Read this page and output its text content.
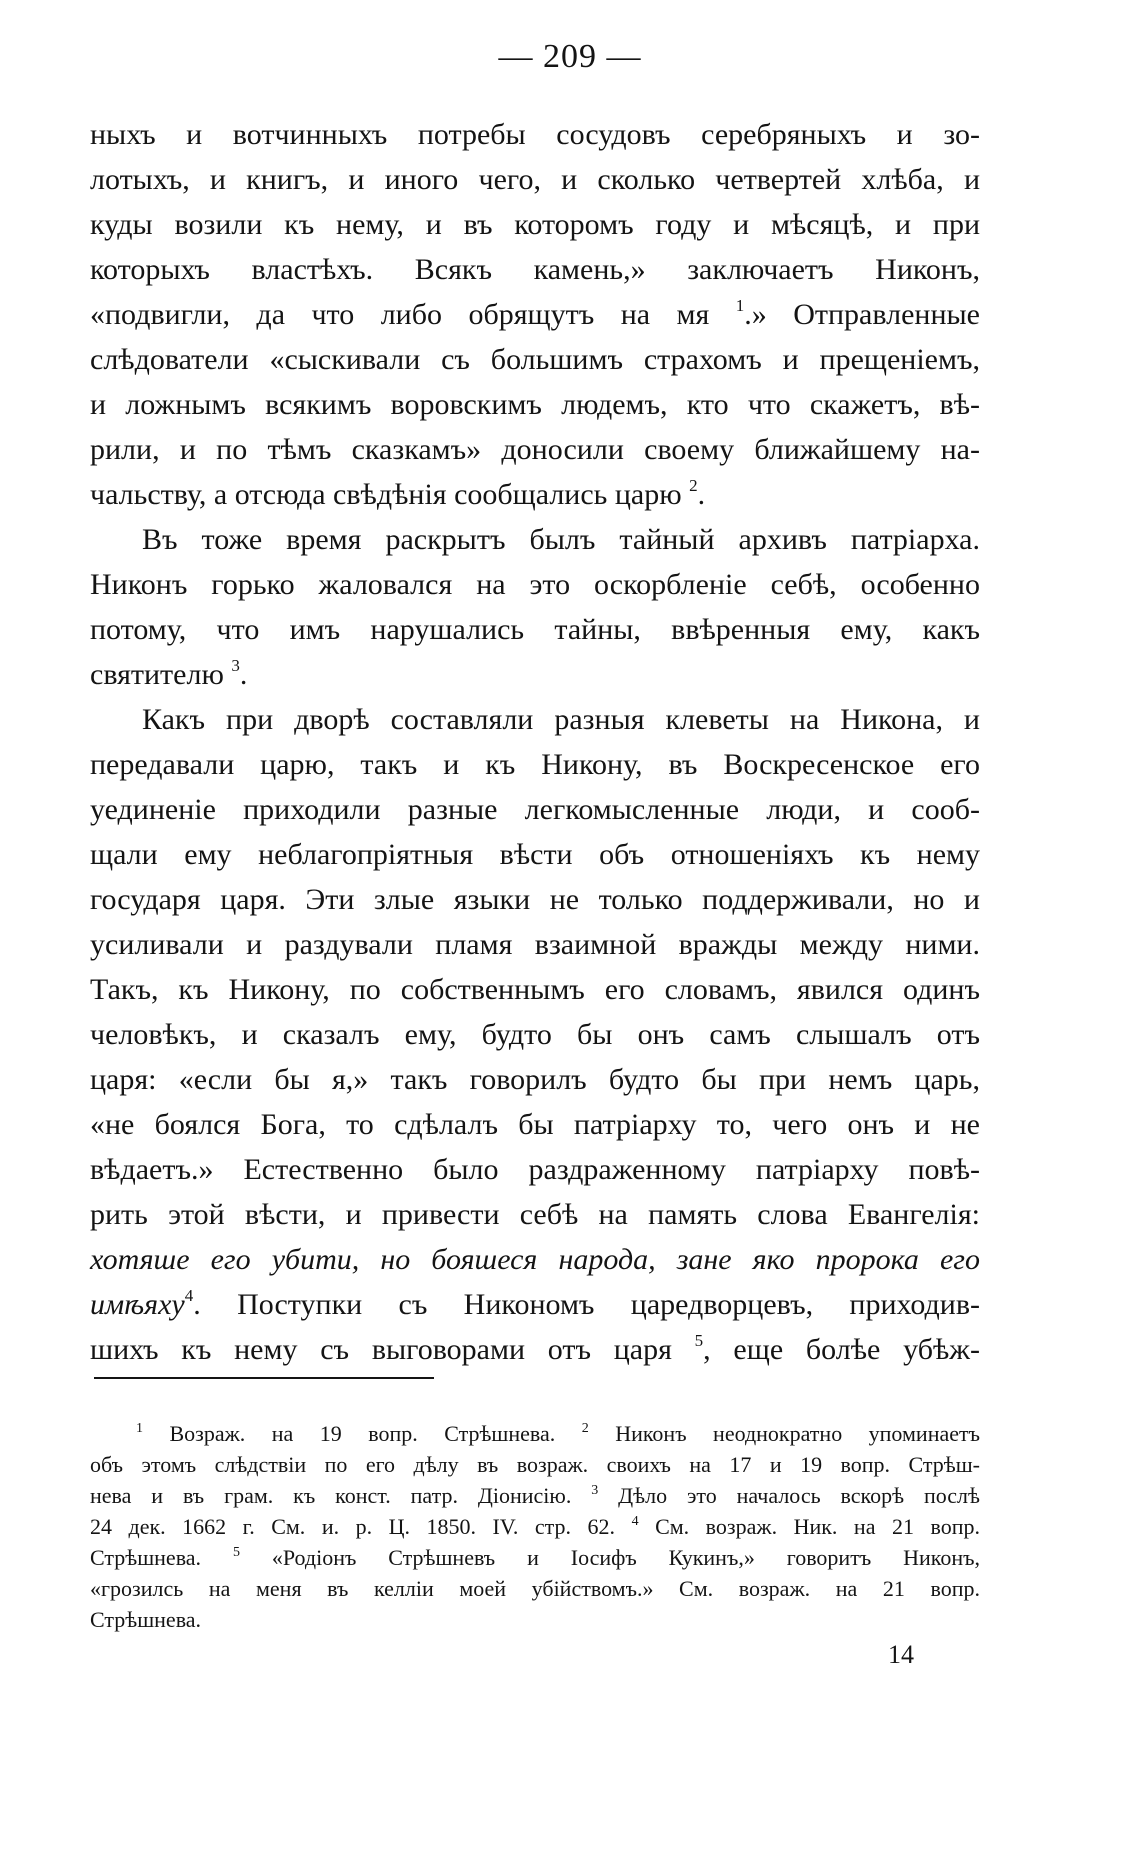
— 209 —
ныхъ и вотчинныхъ потребы сосудовъ серебряныхъ и зо-
лотыхъ, и книгъ, и иного чего, и сколько четвертей хлѣба, и
куды возили къ нему, и въ которомъ году и мѣсяцѣ, и при
которыхъ властѣхъ. Всякъ камень,» заключаетъ Никонъ,
«подвигли, да что либо обрящутъ на мя $^1$.» Отправленные
слѣдователи «сыскивали съ большимъ страхомъ и прещеніемъ,
и ложнымъ всякимъ воровскимъ людемъ, кто что скажетъ, вѣ-
рили, и по тѣмъ сказкамъ» доносили своему ближайшему на-
чальству, а отсюда свѣдѣнія сообщались царю $^2$.
Въ тоже время раскрытъ былъ тайный архивъ патріарха.
Никонъ горько жаловался на это оскорбленіе себѣ, особенно
потому, что имъ нарушались тайны, ввѣренныя ему, какъ
святителю $^3$.
Какъ при дворѣ составляли разныя клеветы на Никона, и
передавали царю, такъ и къ Никону, въ Воскресенское его
уединеніе приходили разные легкомысленные люди, и сооб-
щали ему неблагопріятныя вѣсти объ отношеніяхъ къ нему
государя царя. Эти злые языки не только поддерживали, но и
усиливали и раздували пламя взаимной вражды между ними.
Такъ, къ Никону, по собственнымъ его словамъ, явился одинъ
человѣкъ, и сказалъ ему, будто бы онъ самъ слышалъ отъ
царя: «если бы я,» такъ говорилъ будто бы при немъ царь,
«не боялся Бога, то сдѣлалъ бы патріарху то, чего онъ и не
вѣдаетъ.» Естественно было раздраженному патріарху повѣ-
рить этой вѣсти, и привести себѣ на память слова Евангелія:
хотяше его убити, но бояшеся народа, зане яко пророка его
имѣяху$^4$. Поступки съ Никономъ царедворцевъ, приходив-
шихъ къ нему съ выговорами отъ царя $^5$, еще болѣе убѣж-
$^1$ Возраж. на 19 вопр. Стрѣшнева. $^2$ Никонъ неоднократно упоминаетъ
объ этомъ слѣдствіи по его дѣлу въ возраж. своихъ на 17 и 19 вопр. Стрѣш-
нева и въ грам. къ конст. патр. Діонисію. $^3$ Дѣло это началось вскорѣ послѣ
24 дек. 1662 г. См. и. р. Ц. 1850. IV. стр. 62. $^4$ См. возраж. Ник. на 21 вопр.
Стрѣшнева. $^5$ «Родіонъ Стрѣшневъ и Іосифъ Кукинъ,» говоритъ Никонъ,
«грозилсь на меня въ келліи моей убійствомъ.» См. возраж. на 21 вопр.
Стрѣшнева.
14
